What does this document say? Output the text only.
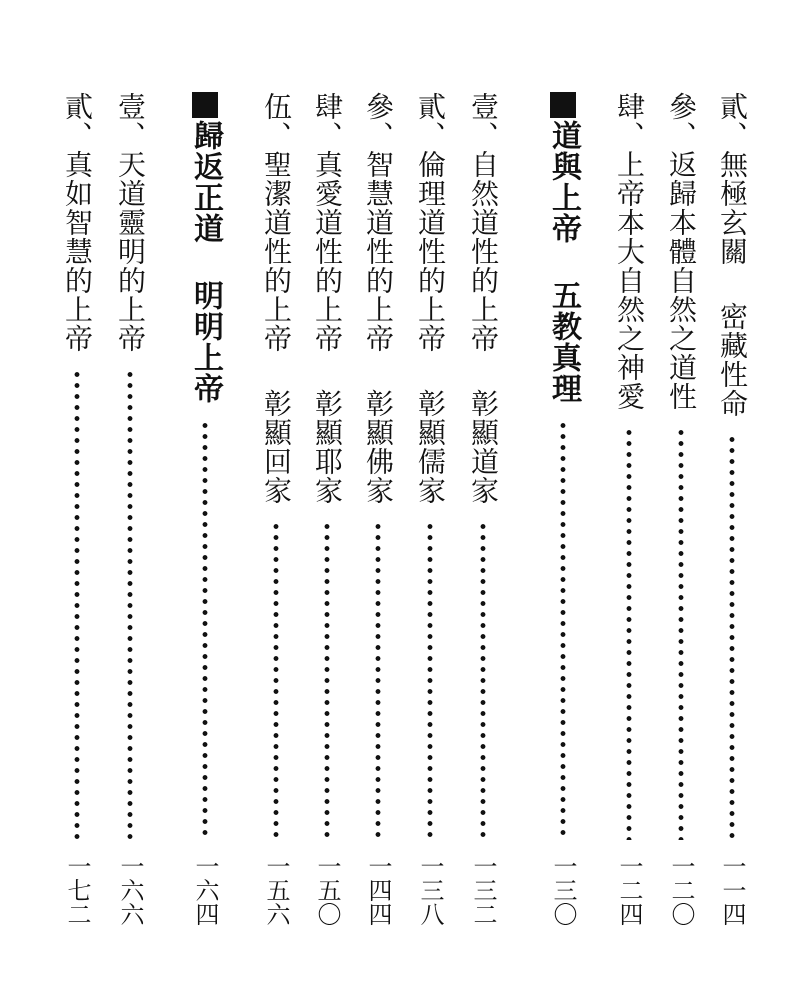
貳、無極玄關
密藏性命
一一四
參、返歸本體自然之道性
一二〇
肆、上帝本大自然之神愛
一二四
道與上帝
五教真理
一三〇
壹、自然道性的上帝
彰顯道家
一三二
貳、倫理道性的上帝
彰顯儒家
一三八
參、智慧道性的上帝
彰顯佛家
一四四
肆、真愛道性的上帝
彰顯耶家
一五〇
伍、聖潔道性的上帝
彰顯回家
一五六
歸返正道
明明上帝
一六四
壹、天道靈明的上帝
一六六
貳、真如智慧的上帝
一七二
